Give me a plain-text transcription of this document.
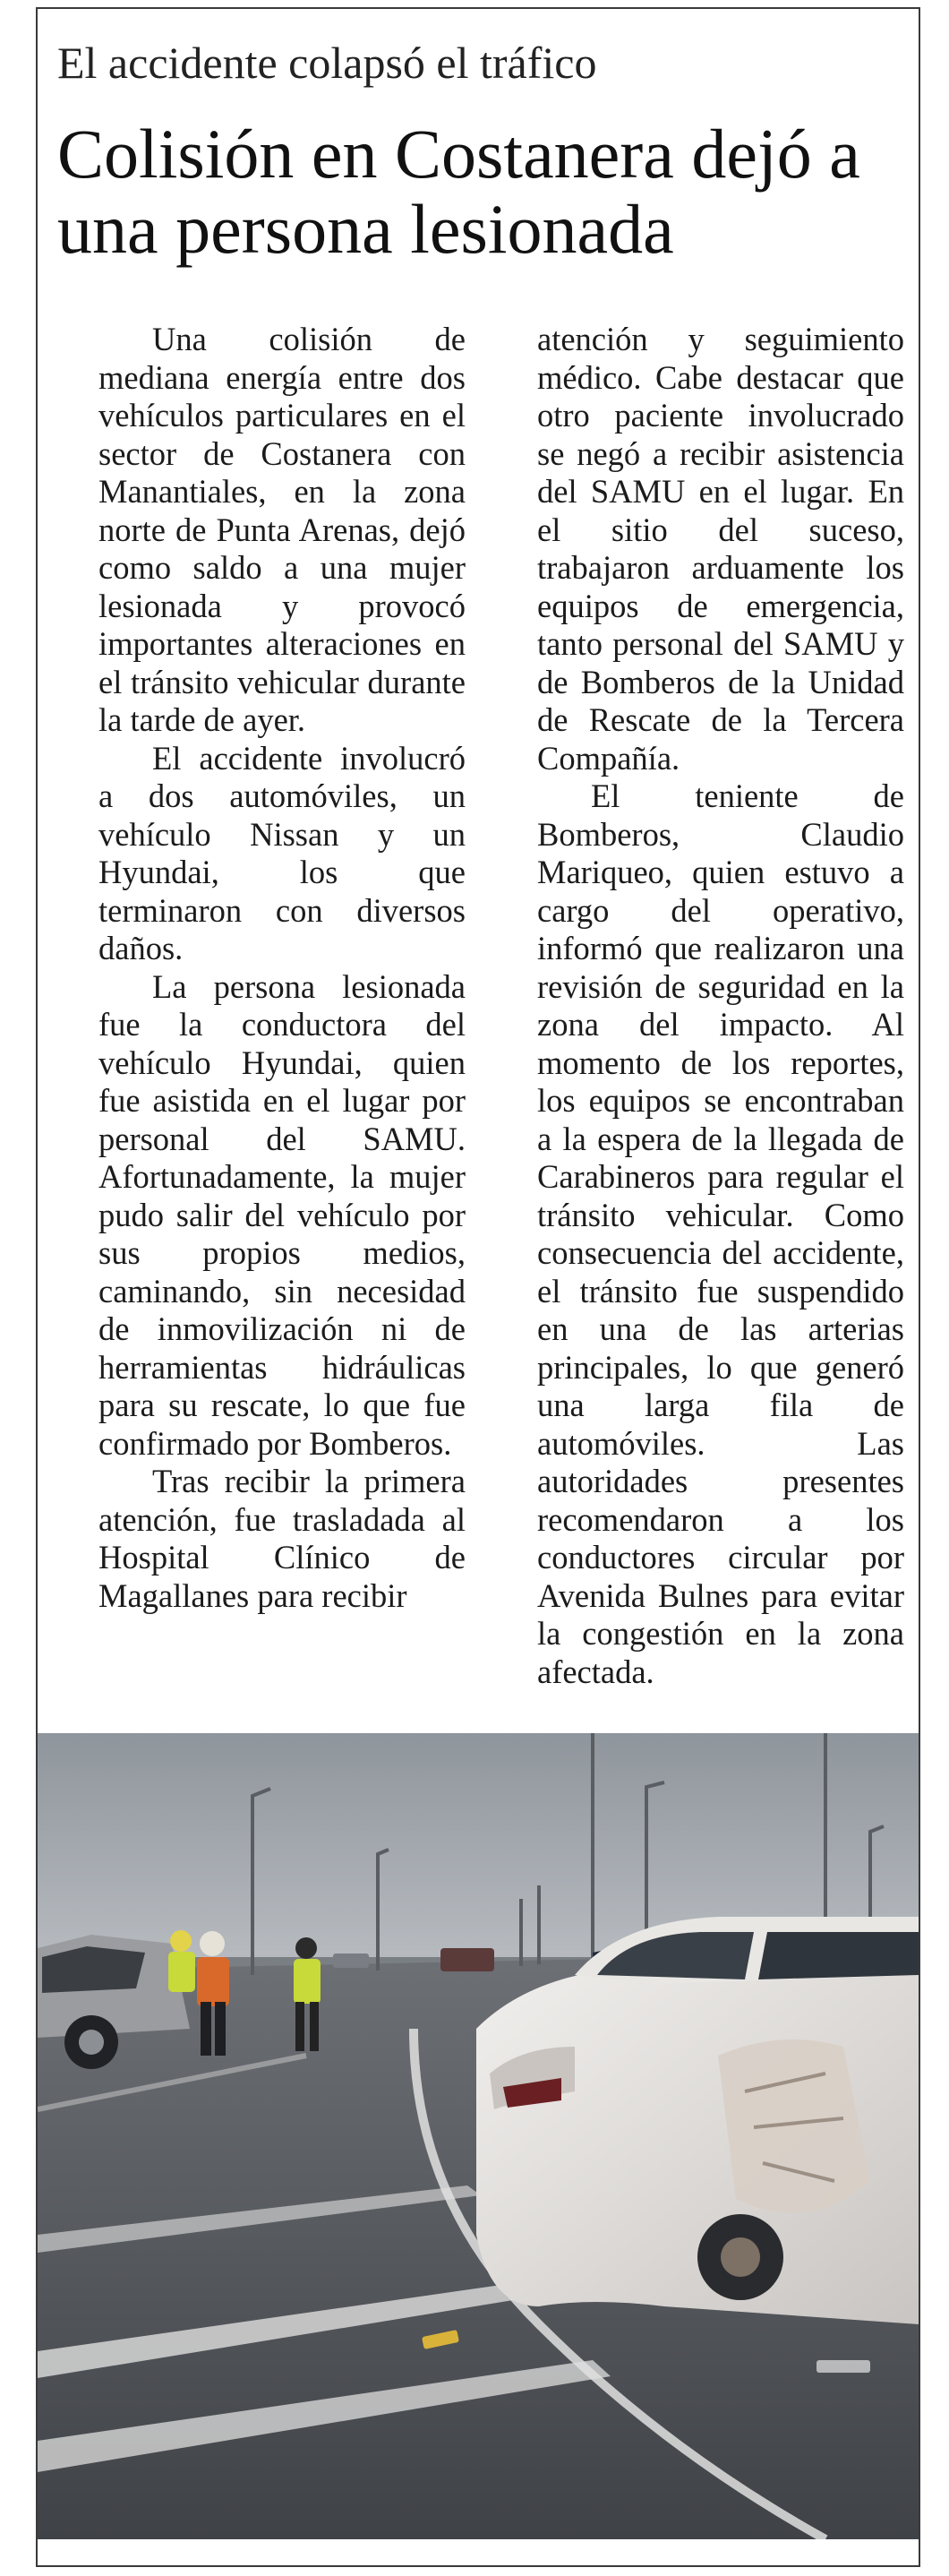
El accidente colapsó el tráfico
Colisión en Costanera dejó a una persona lesionada

Una colisión de mediana energía entre dos vehículos particulares en el sector de Costanera con Manantiales, en la zona norte de Punta Arenas, dejó como saldo a una mujer lesionada y provocó importantes alteraciones en el tránsito vehicular durante la tarde de ayer.

El accidente involucró a dos automóviles, un vehículo Nissan y un Hyundai, los que terminaron con diversos daños.

La persona lesionada fue la conductora del vehículo Hyundai, quien fue asistida en el lugar por personal del SAMU. Afortunadamente, la mujer pudo salir del vehículo por sus propios medios, caminando, sin necesidad de inmovilización ni de herramientas hidráulicas para su rescate, lo que fue confirmado por Bomberos.

Tras recibir la primera atención, fue trasladada al Hospital Clínico de Magallanes para recibir

atención y seguimiento médico. Cabe destacar que otro paciente involucrado se negó a recibir asistencia del SAMU en el lugar. En el sitio del suceso, trabajaron arduamente los equipos de emergencia, tanto personal del SAMU y de Bomberos de la Unidad de Rescate de la Tercera Compañía.

El teniente de Bomberos, Claudio Mariqueo, quien estuvo a cargo del operativo, informó que realizaron una revisión de seguridad en la zona del impacto. Al momento de los reportes, los equipos se encontraban a la espera de la llegada de Carabineros para regular el tránsito vehicular. Como consecuencia del accidente, el tránsito fue suspendido en una de las arterias principales, lo que generó una larga fila de automóviles. Las autoridades presentes recomendaron a los conductores circular por Avenida Bulnes para evitar la congestión en la zona afectada.
